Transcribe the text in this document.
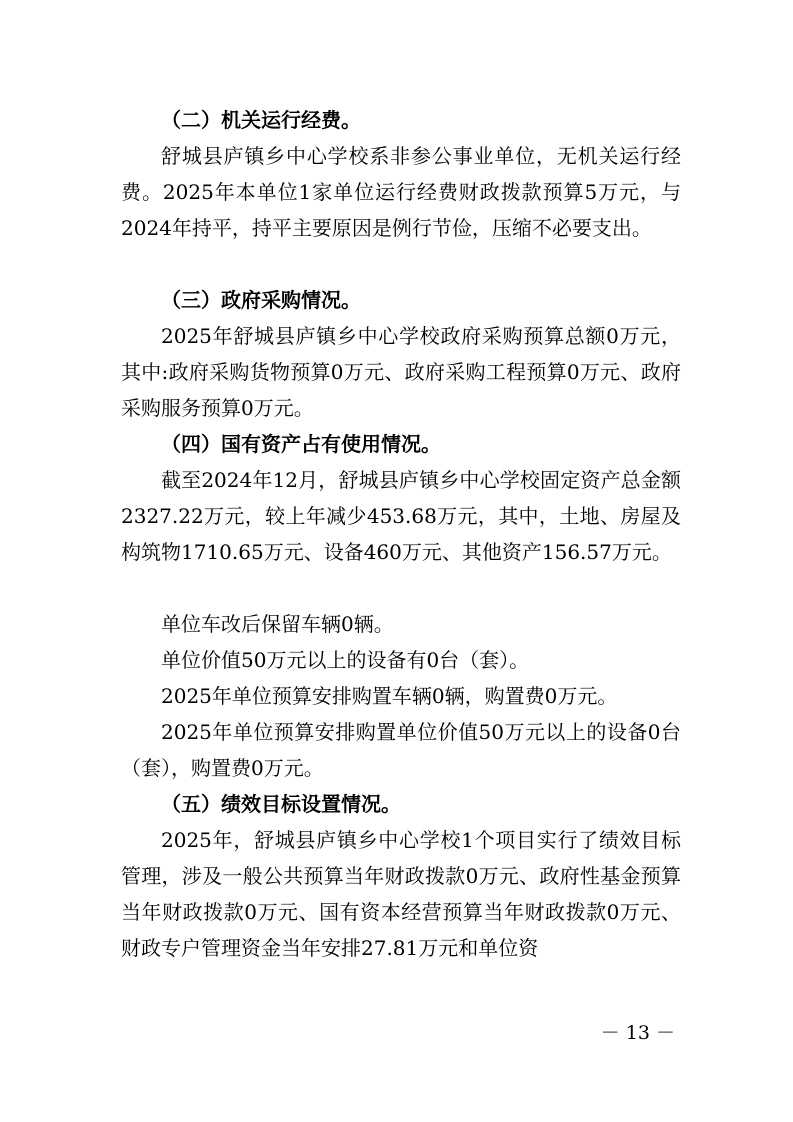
（二）机关运行经费。

舒城县庐镇乡中心学校系非参公事业单位，无机关运行经费。2025年本单位1家单位运行经费财政拨款预算5万元，与2024年持平，持平主要原因是例行节俭，压缩不必要支出。

（三）政府采购情况。

2025年舒城县庐镇乡中心学校政府采购预算总额0万元，其中:政府采购货物预算0万元、政府采购工程预算0万元、政府采购服务预算0万元。

（四）国有资产占有使用情况。

截至2024年12月，舒城县庐镇乡中心学校固定资产总金额2327.22万元，较上年减少453.68万元，其中，土地、房屋及构筑物1710.65万元、设备460万元、其他资产156.57万元。

单位车改后保留车辆0辆。

单位价值50万元以上的设备有0台（套）。

2025年单位预算安排购置车辆0辆，购置费0万元。

2025年单位预算安排购置单位价值50万元以上的设备0台（套），购置费0万元。

（五）绩效目标设置情况。

2025年，舒城县庐镇乡中心学校1个项目实行了绩效目标管理，涉及一般公共预算当年财政拨款0万元、政府性基金预算当年财政拨款0万元、国有资本经营预算当年财政拨款0万元、财政专户管理资金当年安排27.81万元和单位资

－ 13 －
